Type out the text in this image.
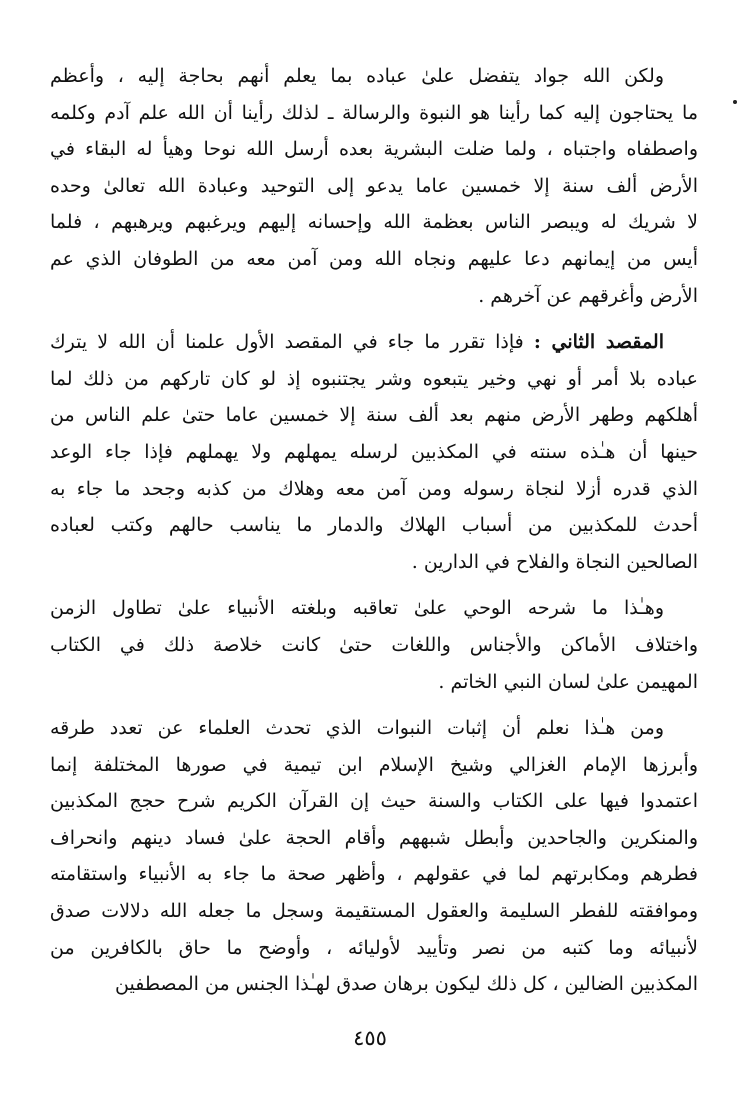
ولكن الله جواد يتفضل علىٰ عباده بما يعلم أنهم بحاجة إليه ، وأعظم
ما يحتاجون إليه كما رأينا هو النبوة والرسالة ـ لذلك رأينا أن الله علم آدم وكلمه
واصطفاه واجتباه ، ولما ضلت البشرية بعده أرسل الله نوحا وهيأ له البقاء في
الأرض ألف سنة إلا خمسين عاما يدعو إلى التوحيد وعبادة الله تعالىٰ وحده
لا شريك له ويبصر الناس بعظمة الله وإحسانه إليهم ويرغبهم ويرهبهم ، فلما
أيس من إيمانهم دعا عليهم ونجاه الله ومن آمن معه من الطوفان الذي عم
الأرض وأغرقهم عن آخرهم .
المقصد الثاني : فإذا تقرر ما جاء في المقصد الأول علمنا أن الله لا يترك
عباده بلا أمر أو نهي وخير يتبعوه وشر يجتنبوه إذ لو كان تاركهم من ذلك لما
أهلكهم وطهر الأرض منهم بعد ألف سنة إلا خمسين عاما حتىٰ علم الناس من
حينها أن هـٰذه سنته في المكذبين لرسله يمهلهم ولا يهملهم فإذا جاء الوعد
الذي قدره أزلا لنجاة رسوله ومن آمن معه وهلاك من كذبه وجحد ما جاء به
أحدث للمكذبين من أسباب الهلاك والدمار ما يناسب حالهم وكتب لعباده
الصالحين النجاة والفلاح في الدارين .
وهـٰذا ما شرحه الوحي علىٰ تعاقبه وبلغته الأنبياء علىٰ تطاول الزمن
واختلاف الأماكن والأجناس واللغات حتىٰ كانت خلاصة ذلك في الكتاب
المهيمن علىٰ لسان النبي الخاتم .
ومن هـٰذا نعلم أن إثبات النبوات الذي تحدث العلماء عن تعدد طرقه
وأبرزها الإمام الغزالي وشيخ الإسلام ابن تيمية في صورها المختلفة إنما
اعتمدوا فيها على الكتاب والسنة حيث إن القرآن الكريم شرح حجج المكذبين
والمنكرين والجاحدين وأبطل شبههم وأقام الحجة علىٰ فساد دينهم وانحراف
فطرهم ومكابرتهم لما في عقولهم ، وأظهر صحة ما جاء به الأنبياء واستقامته
وموافقته للفطر السليمة والعقول المستقيمة وسجل ما جعله الله دلالات صدق
لأنبيائه وما كتبه من نصر وتأييد لأوليائه ، وأوضح ما حاق بالكافرين من
المكذبين الضالين ، كل ذلك ليكون برهان صدق لهـٰذا الجنس من المصطفين
٤٥٥
